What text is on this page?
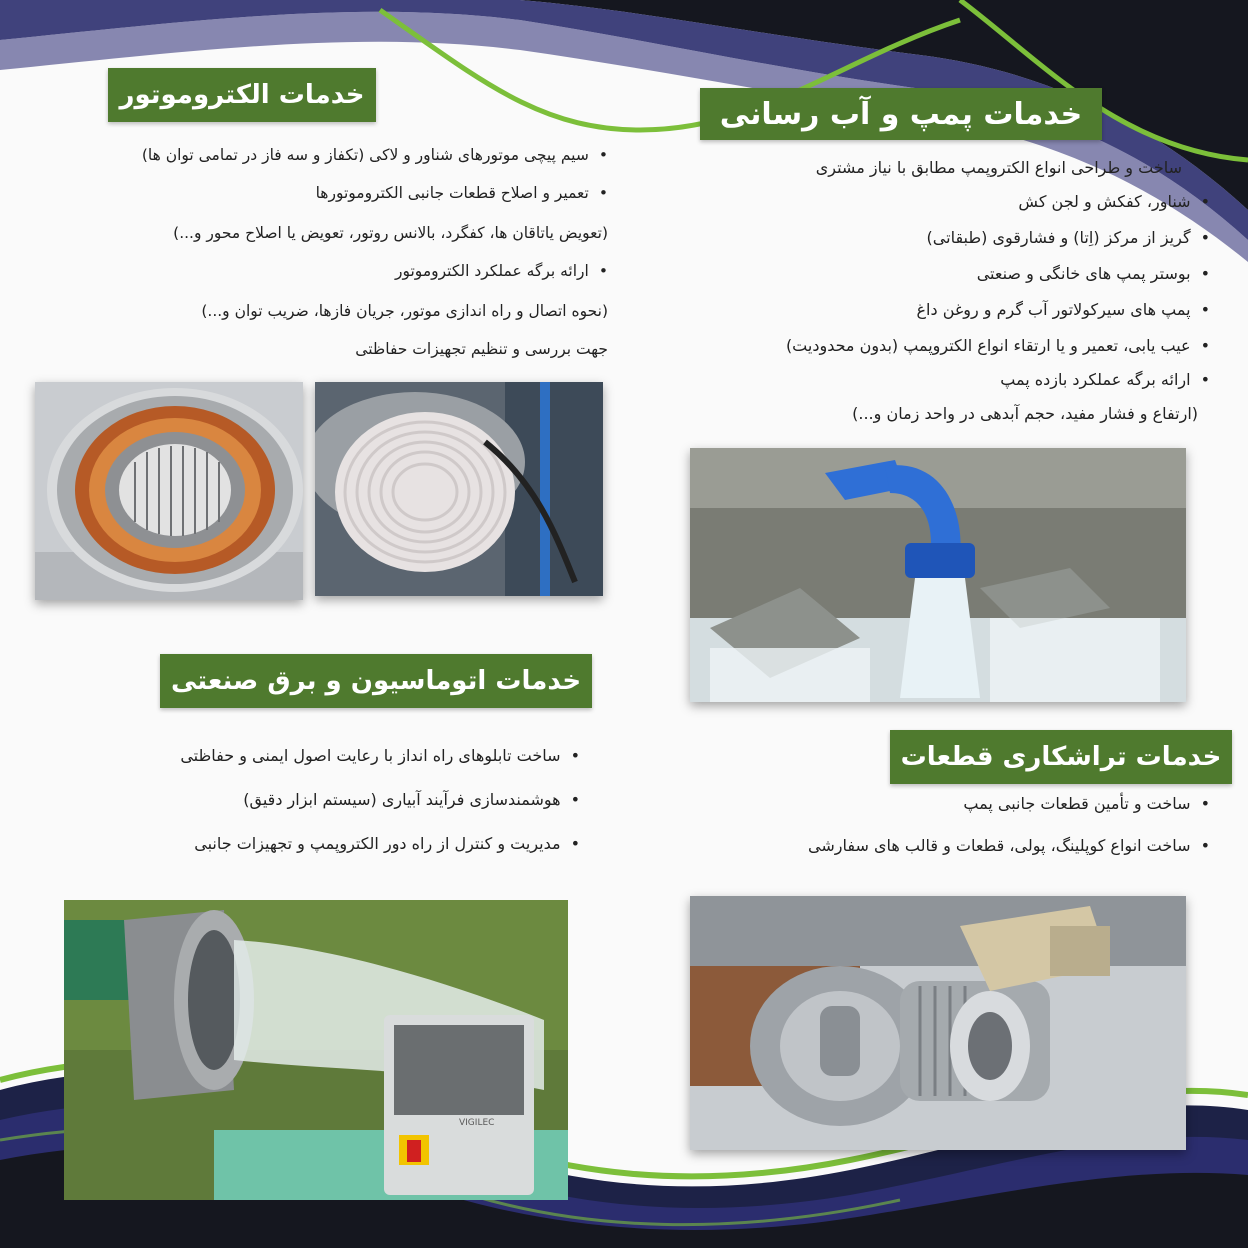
خدمات الکتروموتور
• سیم پیچی موتورهای شناور و لاکی (تکفاز و سه فاز در تمامی توان ها)
• تعمیر و اصلاح قطعات جانبی الکتروموتورها
(تعویض یاتاقان ها، کفگرد، بالانس روتور، تعویض یا اصلاح محور و...)
• ارائه برگه عملکرد الکتروموتور
(نحوه اتصال و راه اندازی موتور، جریان فازها، ضریب توان و...)
جهت بررسی و تنظیم تجهیزات حفاظتی
خدمات پمپ و آب رسانی
ساخت و طراحی انواع الکتروپمپ مطابق با نیاز مشتری
• شناور، کفکش و لجن کش
• گریز از مرکز (اِتا) و فشارقوی (طبقاتی)
• بوستر پمپ های خانگی و صنعتی
• پمپ های سیرکولاتور آب گرم و روغن داغ
• عیب یابی، تعمیر و یا ارتقاء انواع الکتروپمپ (بدون محدودیت)
• ارائه برگه عملکرد بازده پمپ
(ارتفاع و فشار مفید، حجم آبدهی در واحد زمان و...)
خدمات اتوماسیون و برق صنعتی
• ساخت تابلوهای راه انداز با رعایت اصول ایمنی و حفاظتی
• هوشمندسازی فرآیند آبیاری (سیستم ابزار دقیق)
• مدیریت و کنترل از راه دور الکتروپمپ و تجهیزات جانبی
VIGILEC
خدمات تراشکاری قطعات
• ساخت و تأمین قطعات جانبی پمپ
• ساخت انواع کوپلینگ، پولی، قطعات و قالب های سفارشی
